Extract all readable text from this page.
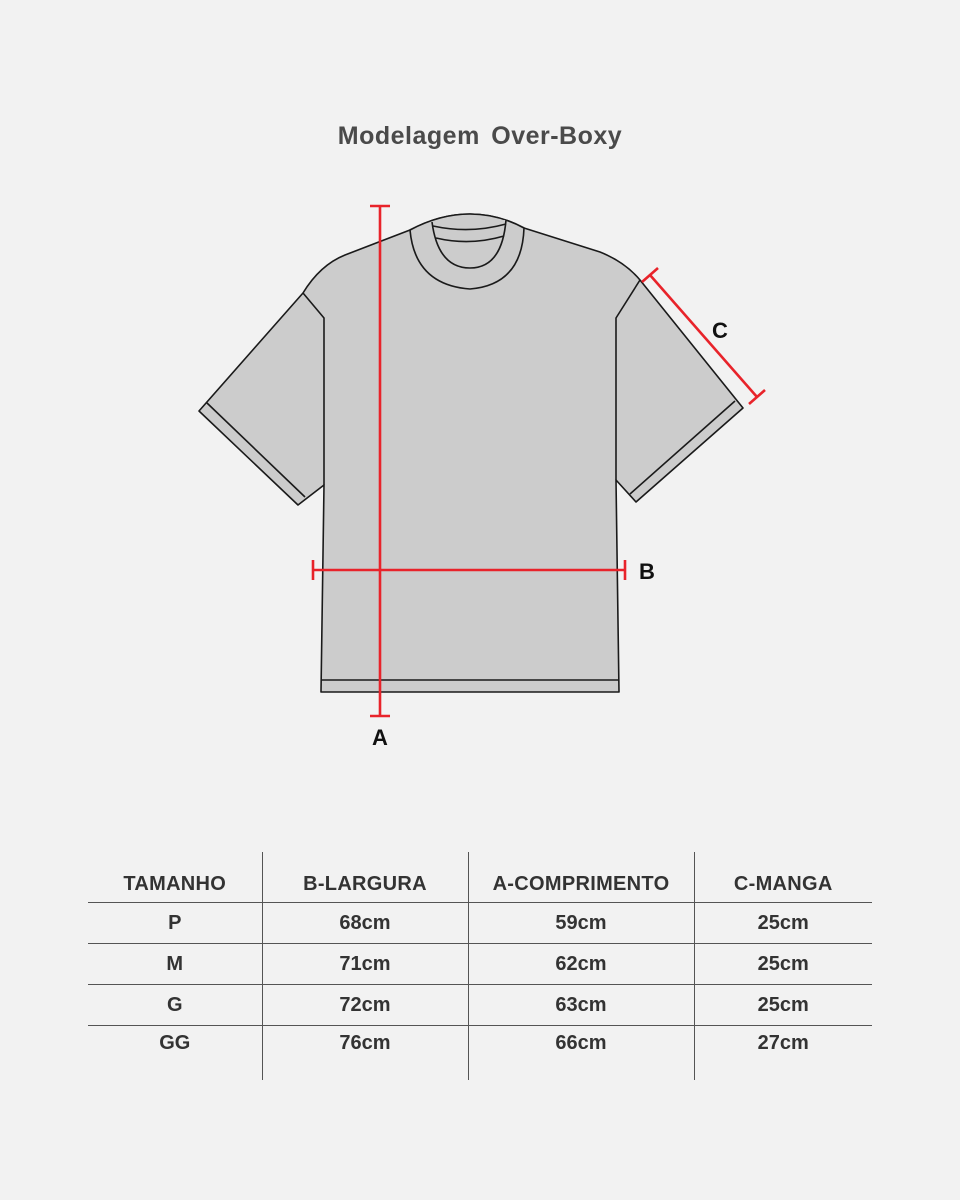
Modelagem Over-Boxy
A
B
C
TAMANHO	B-LARGURA	A-COMPRIMENTO	C-MANGA
P	68cm	59cm	25cm
M	71cm	62cm	25cm
G	72cm	63cm	25cm
GG	76cm	66cm	27cm
